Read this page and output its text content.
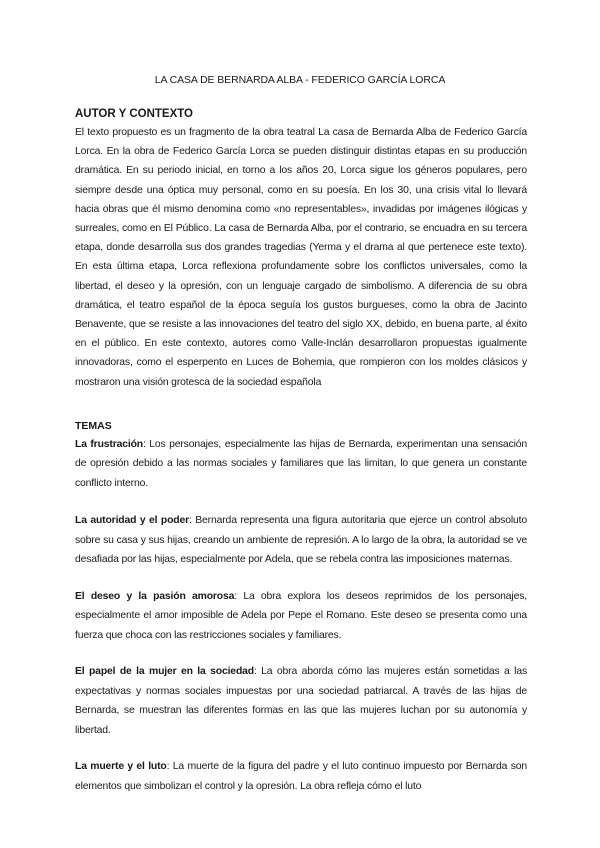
LA CASA DE BERNARDA ALBA - FEDERICO GARCÍA LORCA
AUTOR Y CONTEXTO

El texto propuesto es un fragmento de la obra teatral La casa de Bernarda Alba de Federico García Lorca. En la obra de Federico García Lorca se pueden distinguir distintas etapas en su producción dramática. En su periodo inicial, en torno a los años 20, Lorca sigue los géneros populares, pero siempre desde una óptica muy personal, como en su poesía. En los 30, una crisis vital lo llevará hacia obras que él mismo denomina como «no representables», invadidas por imágenes ilógicas y surreales, como en El Público. La casa de Bernarda Alba, por el contrario, se encuadra en su tercera etapa, donde desarrolla sus dos grandes tragedias (Yerma y el drama al que pertenece este texto). En esta última etapa, Lorca reflexiona profundamente sobre los conflictos universales, como la libertad, el deseo y la opresión, con un lenguaje cargado de simbolismo. A diferencia de su obra dramática, el teatro español de la época seguía los gustos burgueses, como la obra de Jacinto Benavente, que se resiste a las innovaciones del teatro del siglo XX, debido, en buena parte, al éxito en el público. En este contexto, autores como Valle-Inclán desarrollaron propuestas igualmente innovadoras, como el esperpento en Luces de Bohemia, que rompieron con los moldes clásicos y mostraron una visión grotesca de la sociedad española

TEMAS

La frustración: Los personajes, especialmente las hijas de Bernarda, experimentan una sensación de opresión debido a las normas sociales y familiares que las limitan, lo que genera un constante conflicto interno.

La autoridad y el poder: Bernarda representa una figura autoritaria que ejerce un control absoluto sobre su casa y sus hijas, creando un ambiente de represión. A lo largo de la obra, la autoridad se ve desafiada por las hijas, especialmente por Adela, que se rebela contra las imposiciones maternas.

El deseo y la pasión amorosa: La obra explora los deseos reprimidos de los personajes, especialmente el amor imposible de Adela por Pepe el Romano. Este deseo se presenta como una fuerza que choca con las restricciones sociales y familiares.

El papel de la mujer en la sociedad: La obra aborda cómo las mujeres están sometidas a las expectativas y normas sociales impuestas por una sociedad patriarcal. A través de las hijas de Bernarda, se muestran las diferentes formas en las que las mujeres luchan por su autonomía y libertad.

La muerte y el luto: La muerte de la figura del padre y el luto continuo impuesto por Bernarda son elementos que simbolizan el control y la opresión. La obra refleja cómo el luto
